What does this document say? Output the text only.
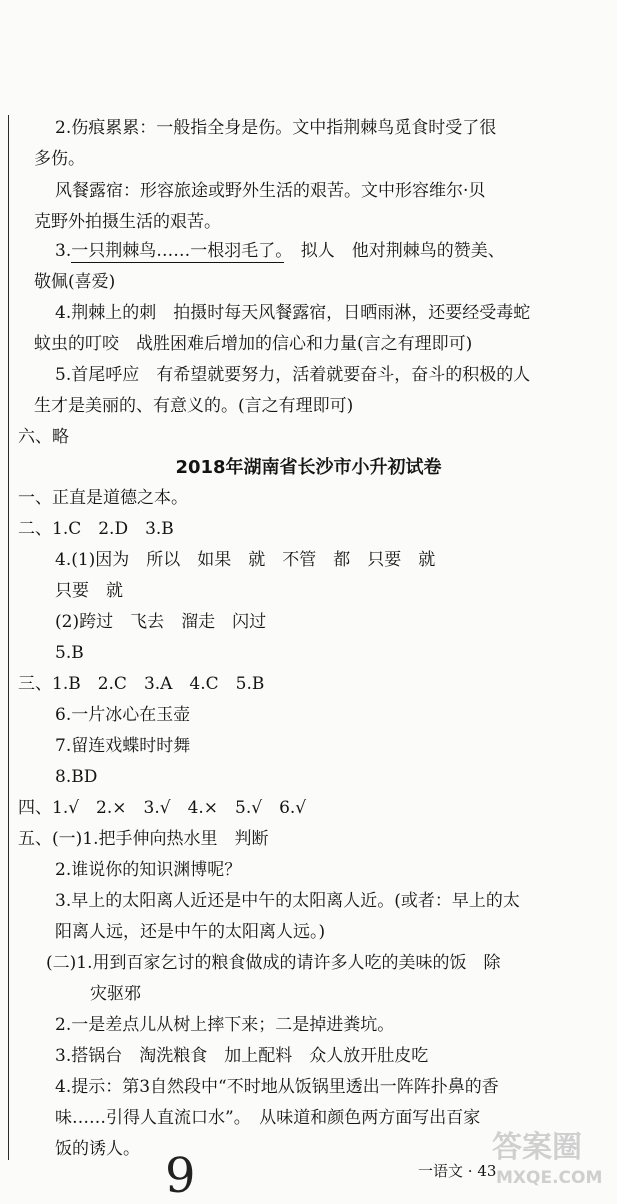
2.伤痕累累：一般指全身是伤。文中指荆棘鸟觅食时受了很
多伤。
风餐露宿：形容旅途或野外生活的艰苦。文中形容维尔·贝
克野外拍摄生活的艰苦。
敬佩(喜爱)
4.荆棘上的刺　拍摄时每天风餐露宿，日晒雨淋，还要经受毒蛇
蚊虫的叮咬　战胜困难后增加的信心和力量(言之有理即可)
5.首尾呼应　有希望就要努力，活着就要奋斗，奋斗的积极的人
生才是美丽的、有意义的。(言之有理即可)
六、略
一、正直是道德之本。
二、1.C　2.D　3.B
4.(1)因为　所以　如果　就　不管　都　只要　就
只要　就
(2)跨过　飞去　溜走　闪过
5.B
三、1.B　2.C　3.A　4.C　5.B
6.一片冰心在玉壶
7.留连戏蝶时时舞
8.BD
四、1.√　2.×　3.√　4.×　5.√　6.√
五、(一)1.把手伸向热水里　判断
2.谁说你的知识渊博呢？
3.早上的太阳离人近还是中午的太阳离人近。(或者：早上的太
阳离人远，还是中午的太阳离人远。)
(二)1.用到百家乞讨的粮食做成的请许多人吃的美味的饭　除
灾驱邪
2.一是差点儿从树上摔下来；二是掉进粪坑。
3.搭锅台　淘洗粮食　加上配料　众人放开肚皮吃
4.提示：第3自然段中“不时地从饭锅里透出一阵阵扑鼻的香
味……引得人直流口水”。　从味道和颜色两方面写出百家
饭的诱人。
3.一只荆棘鸟……一根羽毛了。　拟人　他对荆棘鸟的赞美、
2018年湖南省长沙市小升初试卷
一语文 · 43
9
答案圈
MXQE.COM
